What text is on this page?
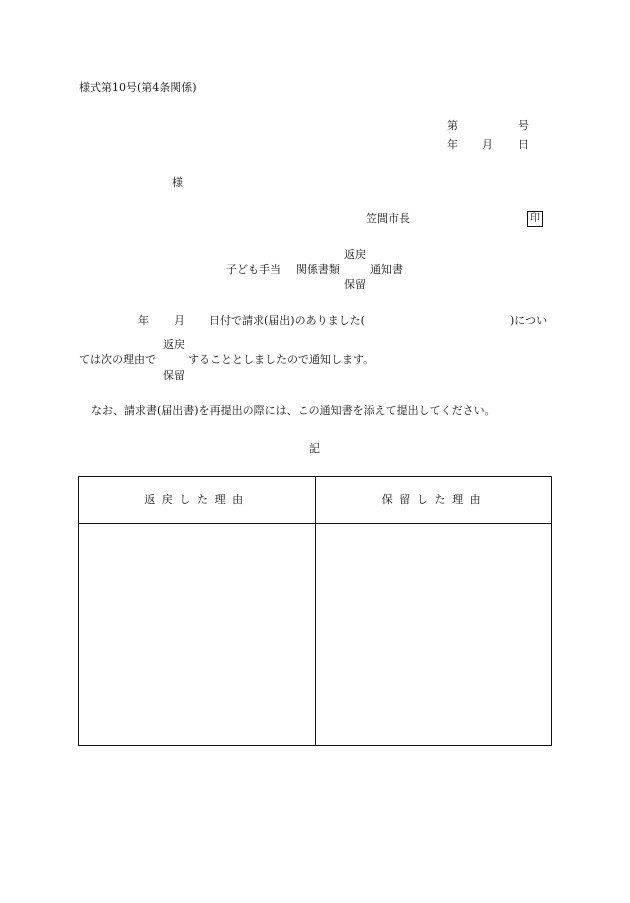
様式第10号(第4条関係)
第	号
年 月 日
様
笠間市長	印
返戻
子ども手当 関係書類	通知書
保留
年 月 日付で請求(届出)のありました(	)につい
返戻
ては次の理由で	することとしましたので通知します。
保留
なお、請求書(届出書)を再提出の際には、この通知書を添えて提出してください。
記
返戻した理由	保留した理由
